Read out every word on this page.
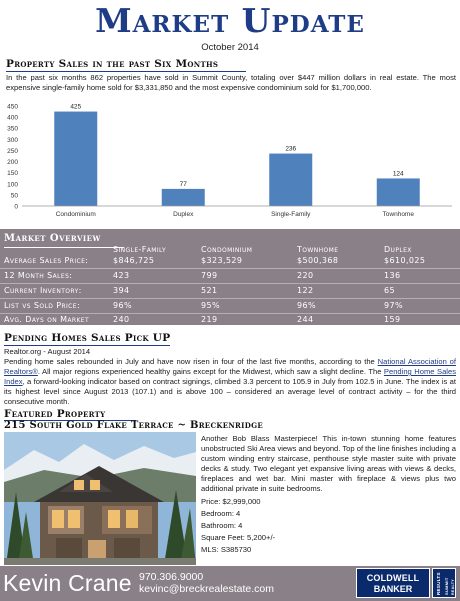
Market Update
October 2014
Property Sales in the past Six Months
In the past six months 862 properties have sold in Summit County, totaling over $447 million dollars in real estate. The most expensive single-family home sold for $3,331,850 and the most expensive condominium sold for $1,700,000.
0
50
100
150
200
250
300
350
400
450	425
77
236
124
Condominium	Duplex	Single-Family	Townhome
Market Overview
Single-Family	Condominium	Townhome	Duplex
Average Sales Price:	$846,725	$323,529	$500,368	$610,025
12 Month Sales:	423	799	220	136
Current Inventory:	394	521	122	65
List vs Sold Price:	96%	95%	96%	97%
Avg. Days on Market	240	219	244	159
Pending Homes Sales Pick UP
Realtor.org - August 2014
Pending home sales rebounded in July and have now risen in four of the last five months, according to the National Association of Realtors®. All major regions experienced healthy gains except for the Midwest, which saw a slight decline. The Pending Home Sales Index, a forward-looking indicator based on contract signings, climbed 3.3 percent to 105.9 in July from 102.5 in June. The index is at its highest level since August 2013 (107.1) and is above 100 – considered an average level of contract activity – for the third consecutive month.
Featured Property
215 South Gold Flake Terrace ~ Breckenridge
Another Bob Blass Masterpiece! This in-town stunning home features unobstructed Ski Area views and beyond. Top of the line finishes including a custom winding entry staircase, penthouse style master suite with private decks & study. Two elegant yet expansive living areas with views & decks, fireplaces and wet bar. Mini master with fireplace & views plus two additional private in suite bedrooms.
Price: $2,999,000
Bedroom: 4
Bathroom: 4
Square Feet: 5,200+/-
MLS: S385730
Kevin Crane 970.306.9000
kevinc@breckrealestate.com
COLDWELL
BANKER	RESULTS SUMMIT REALTY
